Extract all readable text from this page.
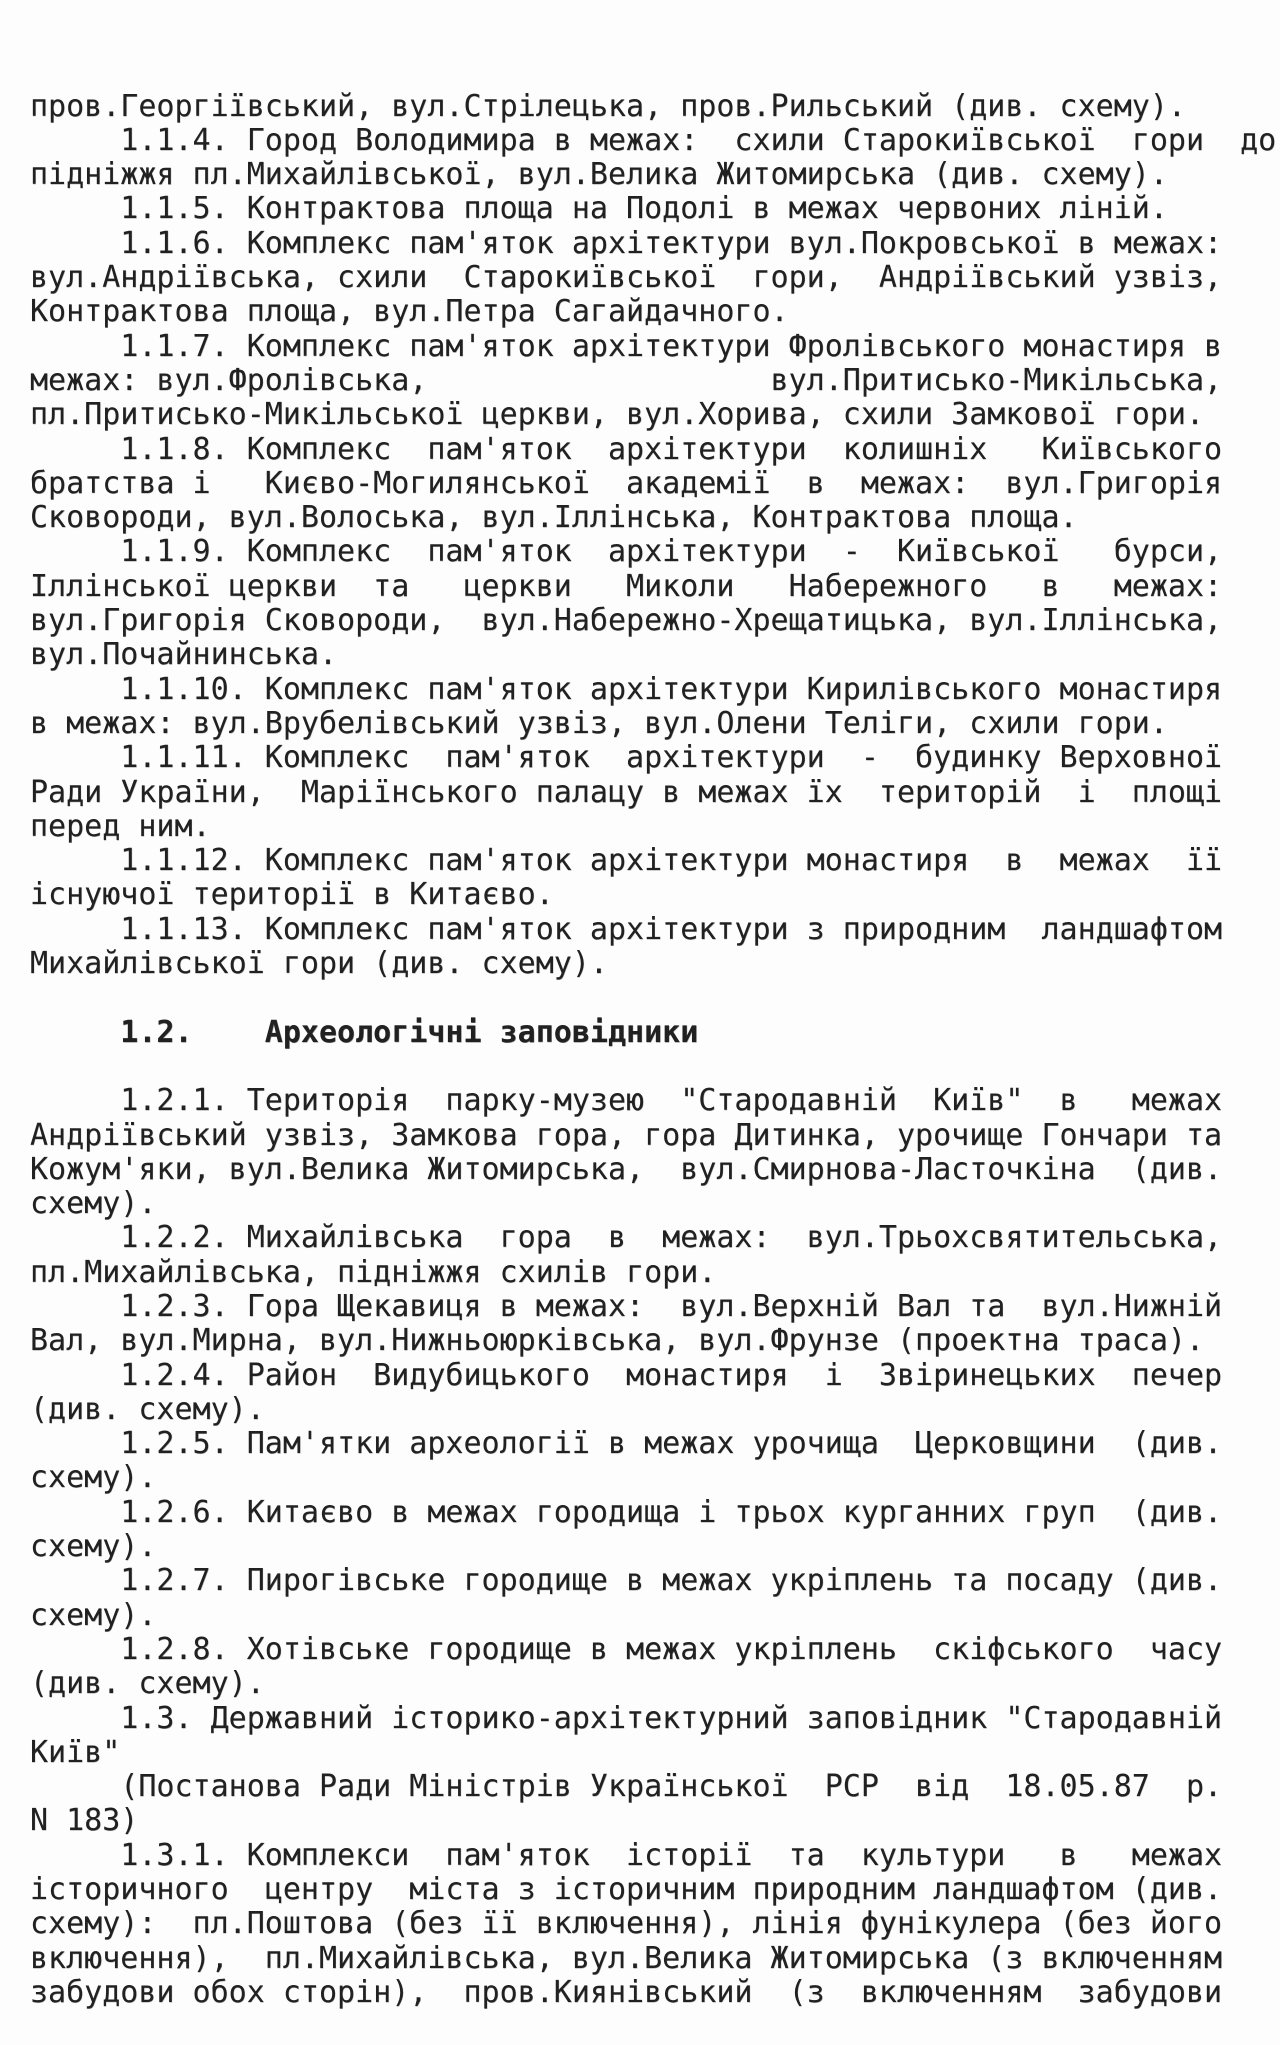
пров.Георгіївський, вул.Стрілецька, пров.Рильський (див. схему).
1.1.4. Город Володимира в межах:  схили Старокиївської  гори  до
підніжжя пл.Михайлівської, вул.Велика Житомирська (див. схему).
1.1.5. Контрактова площа на Подолі в межах червоних ліній.
1.1.6. Комплекс пам'яток архітектури вул.Покровської в межах:
вул.Андріївська, схили  Старокиївської  гори,  Андріївський узвіз,
Контрактова площа, вул.Петра Сагайдачного.
1.1.7. Комплекс пам'яток архітектури Фролівського монастиря в
межах: вул.Фролівська,                   вул.Притисько-Микільська,
пл.Притисько-Микільської церкви, вул.Хорива, схили Замкової гори.
1.1.8. Комплекс  пам'яток  архітектури  колишніх   Київського
братства і   Києво-Могилянської  академії  в  межах:  вул.Григорія
Сковороди, вул.Волоська, вул.Іллінська, Контрактова площа.
1.1.9. Комплекс  пам'яток  архітектури  -  Київської   бурси,
Іллінської церкви  та   церкви   Миколи   Набережного   в   межах:
вул.Григорія Сковороди,  вул.Набережно-Хрещатицька, вул.Іллінська,
вул.Почайнинська.
1.1.10. Комплекс пам'яток архітектури Кирилівського монастиря
в межах: вул.Врубелівський узвіз, вул.Олени Теліги, схили гори.
1.1.11. Комплекс  пам'яток  архітектури  -  будинку Верховної
Ради України,  Маріїнського палацу в межах їх  територій  і  площі
перед ним.
1.1.12. Комплекс пам'яток архітектури монастиря  в  межах  її
існуючої території в Китаєво.
1.1.13. Комплекс пам'яток архітектури з природним  ландшафтом
Михайлівської гори (див. схему).

1.2.    Археологічні заповідники

1.2.1. Територія  парку-музею  "Стародавній  Київ"  в   межах
Андріївський узвіз, Замкова гора, гора Дитинка, урочище Гончари та
Кожум'яки, вул.Велика Житомирська,  вул.Смирнова-Ласточкіна  (див.
схему).
1.2.2. Михайлівська  гора  в  межах:  вул.Трьохсвятительська,
пл.Михайлівська, підніжжя схилів гори.
1.2.3. Гора Щекавиця в межах:  вул.Верхній Вал та  вул.Нижній
Вал, вул.Мирна, вул.Нижньоюрківська, вул.Фрунзе (проектна траса).
1.2.4. Район  Видубицького  монастиря  і  Звіринецьких  печер
(див. схему).
1.2.5. Пам'ятки археології в межах урочища  Церковщини  (див.
схему).
1.2.6. Китаєво в межах городища і трьох курганних груп  (див.
схему).
1.2.7. Пирогівське городище в межах укріплень та посаду (див.
схему).
1.2.8. Хотівське городище в межах укріплень  скіфського  часу
(див. схему).
1.3. Державний історико-архітектурний заповідник "Стародавній
Київ"
(Постанова Ради Міністрів Української  РСР  від  18.05.87  р.
N 183)
1.3.1. Комплекси  пам'яток  історії  та  культури   в   межах
історичного  центру  міста з історичним природним ландшафтом (див.
схему):  пл.Поштова (без її включення), лінія фунікулера (без його
включення),  пл.Михайлівська, вул.Велика Житомирська (з включенням
забудови обох сторін),  пров.Киянівський  (з  включенням  забудови
